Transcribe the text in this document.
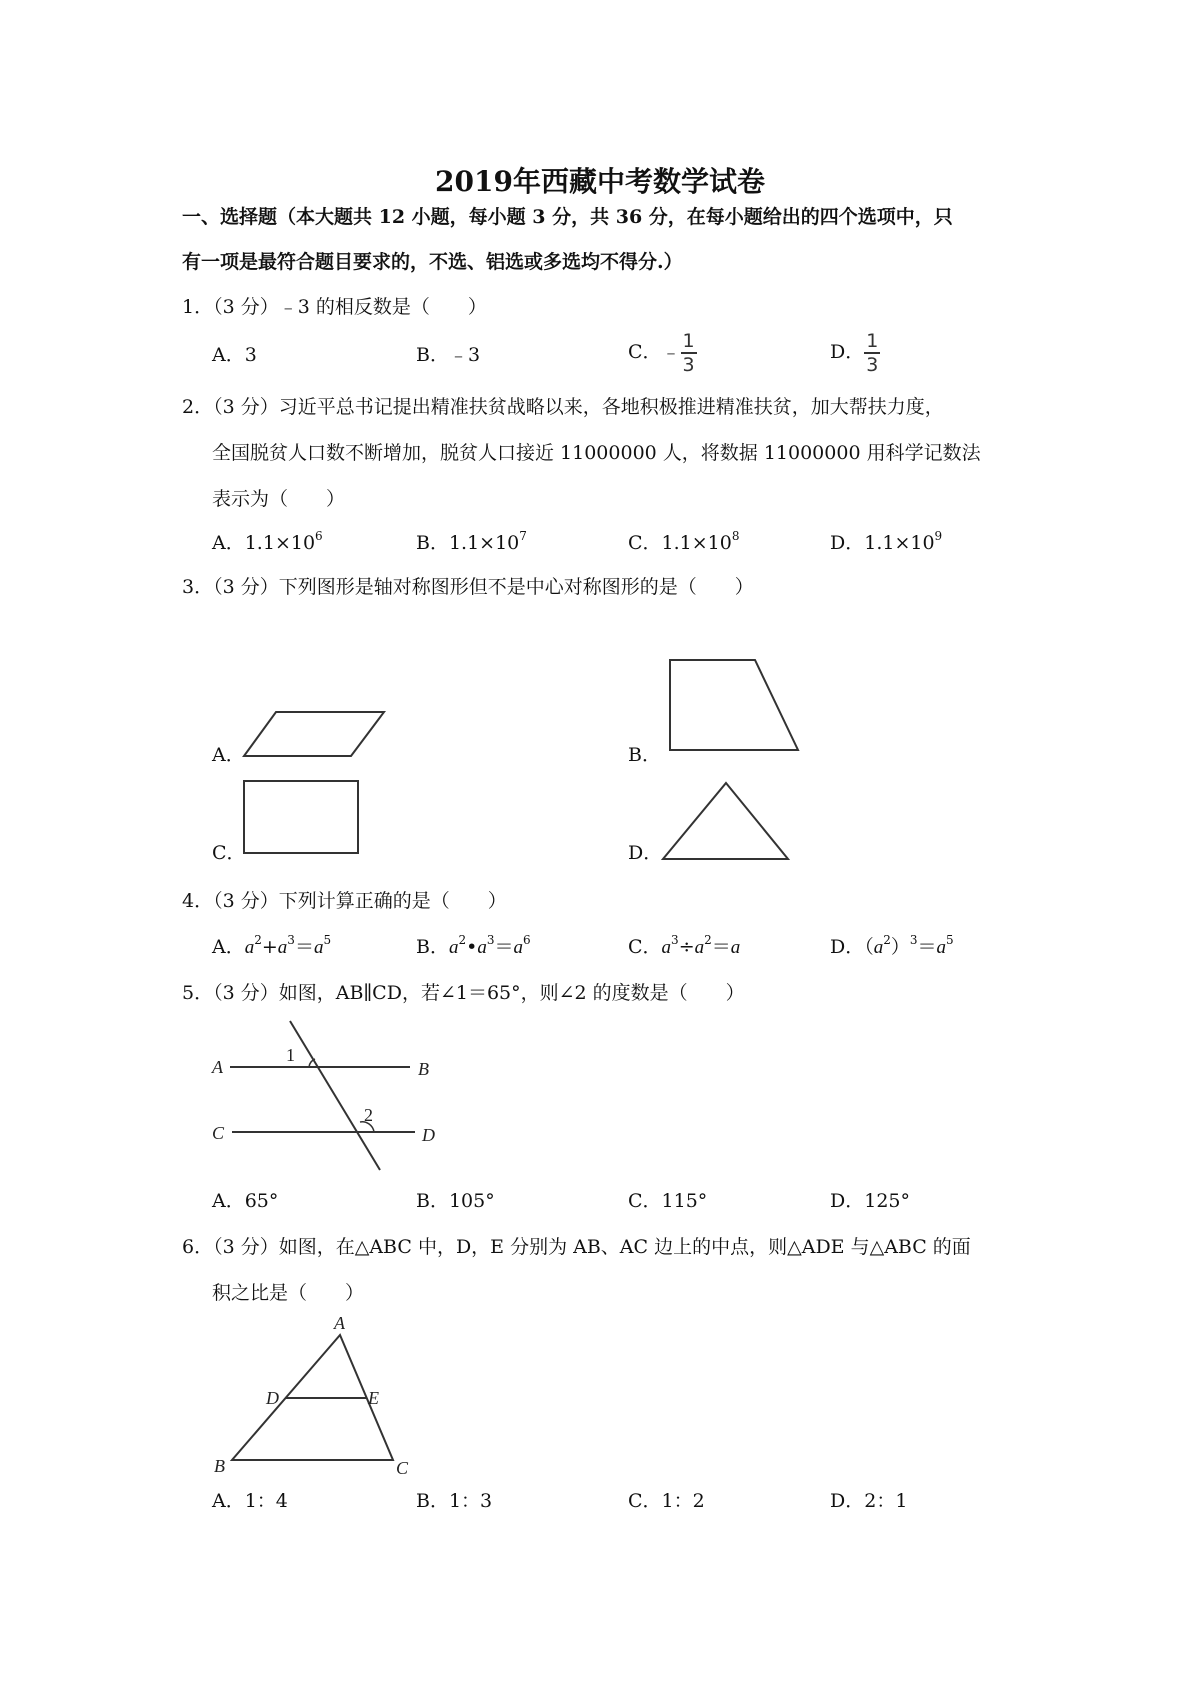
2019年西藏中考数学试卷
一、选择题（本大题共 12 小题，每小题 3 分，共 36 分，在每小题给出的四个选项中，只
有一项是最符合题目要求的，不选、铝选或多选均不得分.）
1．（3 分）﹣3 的相反数是（　　）
A．3	B．﹣3	C．﹣ $\frac{1}{3}$	D． $\frac{1}{3}$
2．（3 分）习近平总书记提出精准扶贫战略以来，各地积极推进精准扶贫，加大帮扶力度，
全国脱贫人口数不断增加，脱贫人口接近 11000000 人，将数据 11000000 用科学记数法
表示为（　　）
A．$1.1\times 10^6$	B．$1.1\times 10^7$	C．$1.1\times 10^8$	D．$1.1\times 10^9$
3．（3 分）下列图形是轴对称图形但不是中心对称图形的是（　　）
A．	B．
C．	D．
4．（3 分）下列计算正确的是（　　）
A．$a^2+a^3=a^5$	B．$a^2•a^3=a^6$	C．$a^3\div a^2=a$	D．$(a^2)^3=a^5$
5．（3 分）如图，AB∥CD，若∠1＝65°，则∠2 的度数是（　　）
A	B
C	D
1
2
A．65°	B．105°	C．115°	D．125°
6．（3 分）如图，在△ABC 中，D，E 分别为 AB、AC 边上的中点，则△ADE 与△ABC 的面
积之比是（　　）
A
B	C
D	E
A．1：4	B．1：3	C．1：2	D．2：1
